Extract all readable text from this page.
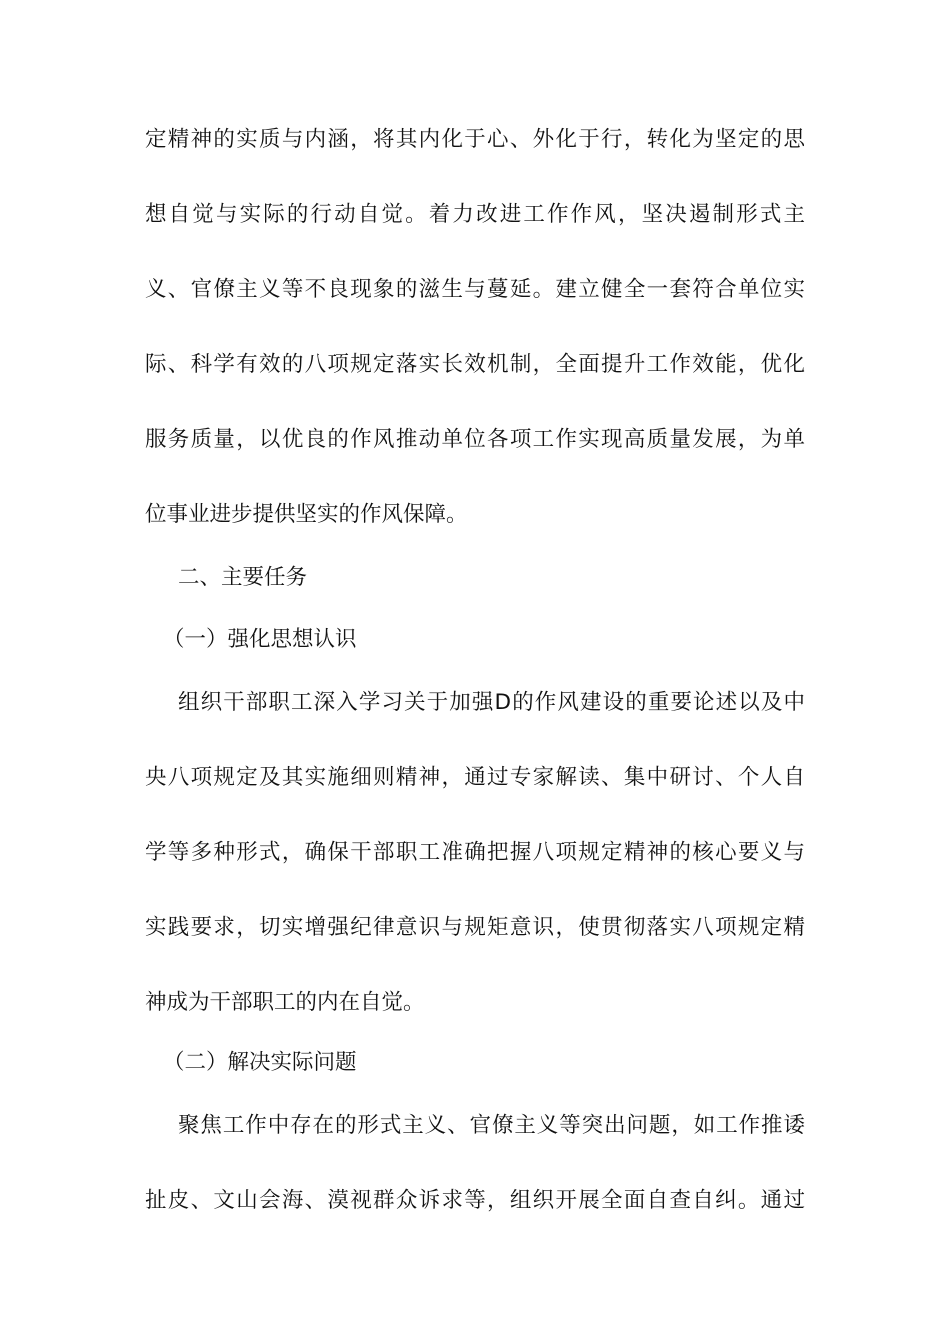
定精神的实质与内涵，将其内化于心、外化于行，转化为坚定的思
想自觉与实际的行动自觉。着力改进工作作风，坚决遏制形式主
义、官僚主义等不良现象的滋生与蔓延。建立健全一套符合单位实
际、科学有效的八项规定落实长效机制，全面提升工作效能，优化
服务质量，以优良的作风推动单位各项工作实现高质量发展，为单
位事业进步提供坚实的作风保障。
二、主要任务
（一）强化思想认识
组织干部职工深入学习关于加强D的作风建设的重要论述以及中
央八项规定及其实施细则精神，通过专家解读、集中研讨、个人自
学等多种形式，确保干部职工准确把握八项规定精神的核心要义与
实践要求，切实增强纪律意识与规矩意识，使贯彻落实八项规定精
神成为干部职工的内在自觉。
（二）解决实际问题
聚焦工作中存在的形式主义、官僚主义等突出问题，如工作推诿
扯皮、文山会海、漠视群众诉求等，组织开展全面自查自纠。通过
